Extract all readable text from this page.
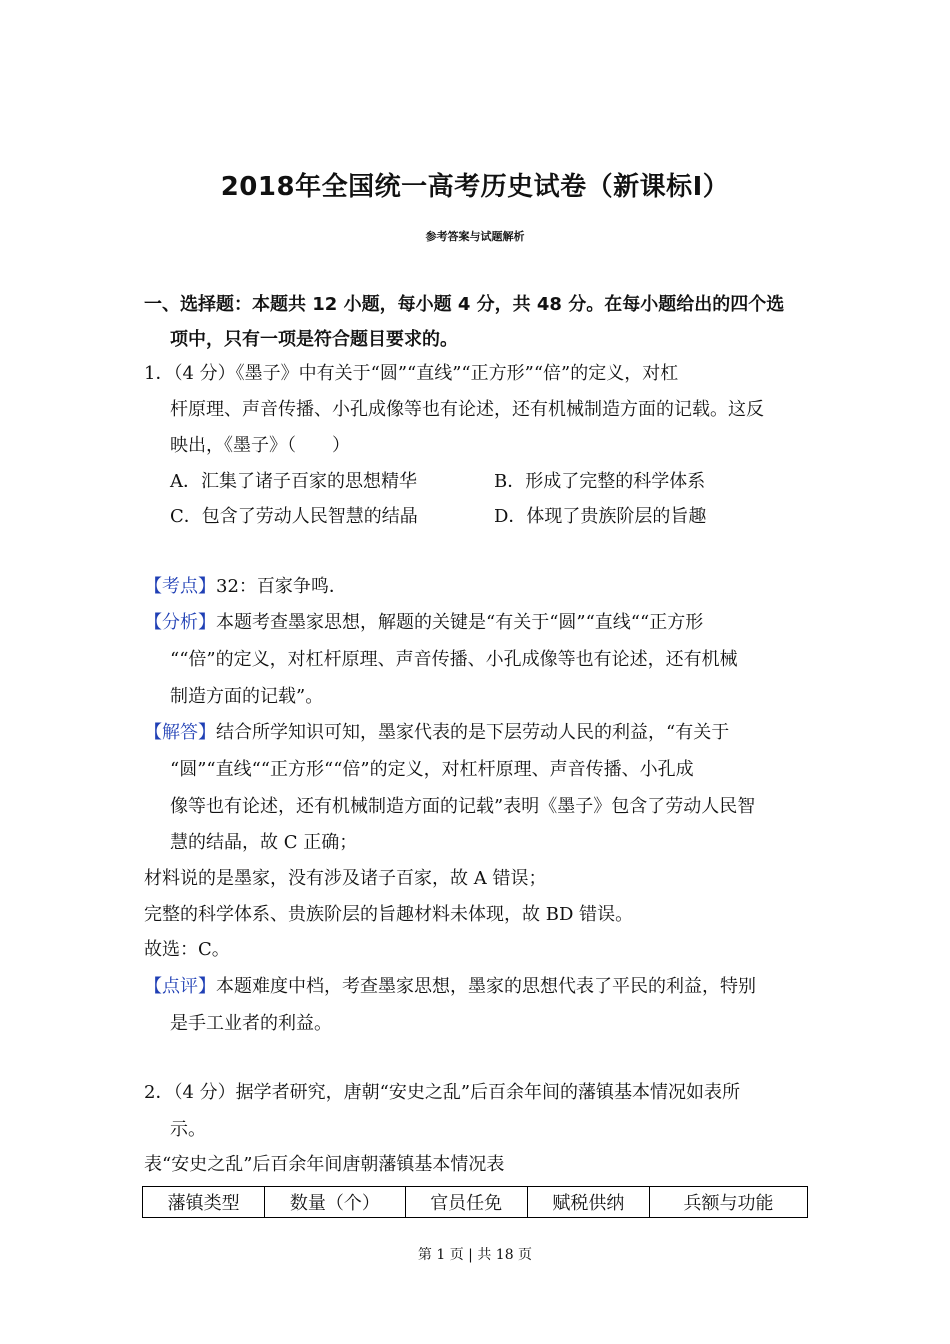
2018年全国统一高考历史试卷（新课标Ⅰ）
参考答案与试题解析
一、选择题：本题共 12 小题，每小题 4 分，共 48 分。在每小题给出的四个选
项中，只有一项是符合题目要求的。
1．（4 分）《墨子》中有关于“圆”“直线”“正方形”“倍”的定义，对杠
杆原理、声音传播、小孔成像等也有论述，还有机械制造方面的记载。这反
映出，《墨子》（　　）
A．汇集了诸子百家的思想精华	B．形成了完整的科学体系
C．包含了劳动人民智慧的结晶	D．体现了贵族阶层的旨趣
【考点】32：百家争鸣．
【分析】本题考查墨家思想，解题的关键是“有关于“圆”“直线““正方形
““倍”的定义，对杠杆原理、声音传播、小孔成像等也有论述，还有机械
制造方面的记载”。
【解答】结合所学知识可知，墨家代表的是下层劳动人民的利益，“有关于
“圆”“直线““正方形““倍”的定义，对杠杆原理、声音传播、小孔成
像等也有论述，还有机械制造方面的记载”表明《墨子》包含了劳动人民智
慧的结晶，故 C 正确；
材料说的是墨家，没有涉及诸子百家，故 A 错误；
完整的科学体系、贵族阶层的旨趣材料未体现，故 BD 错误。
故选：C。
【点评】本题难度中档，考查墨家思想，墨家的思想代表了平民的利益，特别
是手工业者的利益。
2．（4 分）据学者研究，唐朝“安史之乱”后百余年间的藩镇基本情况如表所
示。
表“安史之乱”后百余年间唐朝藩镇基本情况表
藩镇类型	数量（个）	官员任免	赋税供纳	兵额与功能
第 1 页 | 共 18 页
